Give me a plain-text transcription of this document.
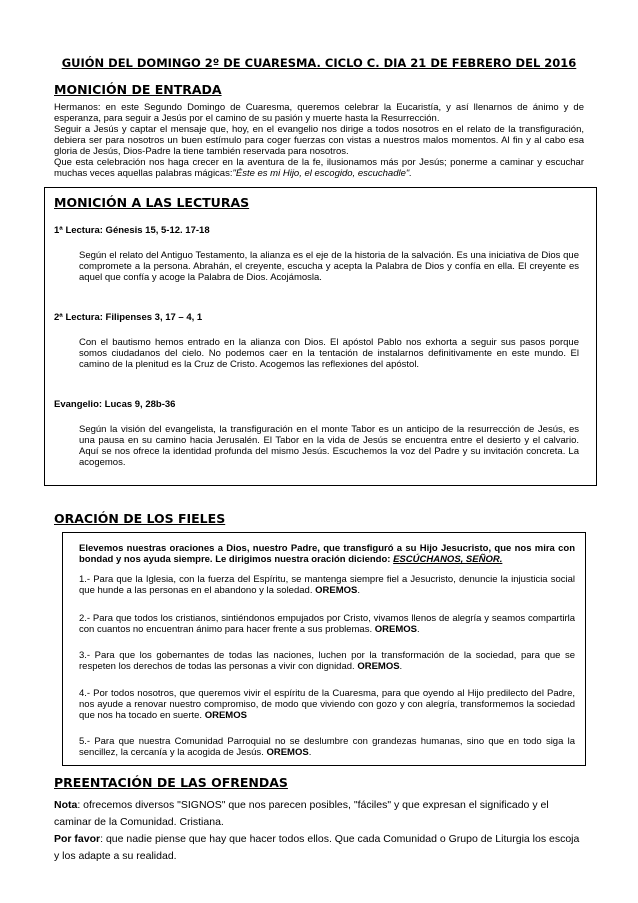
GUIÓN DEL DOMINGO 2º DE CUARESMA. CICLO C. DIA 21 DE FEBRERO DEL 2016
MONICIÓN DE ENTRADA

Hermanos: en este Segundo Domingo de Cuaresma, queremos celebrar la Eucaristía, y así llenarnos de ánimo y de esperanza, para seguir a Jesús por el camino de su pasión y muerte hasta la Resurrección.

Seguir a Jesús y captar el mensaje que, hoy, en el evangelio nos dirige a todos nosotros en el relato de la transfiguración, debiera ser para nosotros un buen estímulo para coger fuerzas con vistas a nuestros malos momentos. Al fin y al cabo esa gloria de Jesús, Dios-Padre la tiene también reservada para nosotros.

Que esta celebración nos haga crecer en la aventura de la fe, ilusionamos más por Jesús; ponerme a caminar y escuchar muchas veces aquellas palabras mágicas:"Éste es mi Hijo, el escogido, escuchadle".

MONICIÓN A LAS LECTURAS
1ª Lectura: Génesis 15, 5-12. 17-18

Según el relato del Antiguo Testamento, la alianza es el eje de la historia de la salvación. Es una iniciativa de Dios que compromete a la persona. Abrahán, el creyente, escucha y acepta la Palabra de Dios y confía en ella. El creyente es aquel que confía y acoge la Palabra de Dios. Acojámosla.

2ª Lectura: Filipenses 3, 17 – 4, 1

Con el bautismo hemos entrado en la alianza con Dios. El apóstol Pablo nos exhorta a seguir sus pasos porque somos ciudadanos del cielo. No podemos caer en la tentación de instalarnos definitivamente en este mundo. El camino de la plenitud es la Cruz de Cristo. Acogemos las reflexiones del apóstol.

Evangelio: Lucas 9, 28b-36

Según la visión del evangelista, la transfiguración en el monte Tabor es un anticipo de la resurrección de Jesús, es una pausa en su camino hacia Jerusalén. El Tabor en la vida de Jesús se encuentra entre el desierto y el calvario. Aquí se nos ofrece la identidad profunda del mismo Jesús. Escuchemos la voz del Padre y su invitación concreta. La acogemos.

ORACIÓN DE LOS FIELES
Elevemos nuestras oraciones a Dios, nuestro Padre, que transfiguró a su Hijo Jesucristo, que nos mira con bondad y nos ayuda siempre. Le dirigimos nuestra oración diciendo: ESCÚCHANOS, SEÑOR.

1.- Para que la Iglesia, con la fuerza del Espíritu, se mantenga siempre fiel a Jesucristo, denuncie la injusticia social que hunde a las personas en el abandono y la soledad. OREMOS.

2.- Para que todos los cristianos, sintiéndonos empujados por Cristo, vivamos llenos de alegría y seamos compartirla con cuantos no encuentran ánimo para hacer frente a sus problemas. OREMOS.

3.- Para que los gobernantes de todas las naciones, luchen por la transformación de la sociedad, para que se respeten los derechos de todas las personas a vivir con dignidad. OREMOS.

4.- Por todos nosotros, que queremos vivir el espíritu de la Cuaresma, para que oyendo al Hijo predilecto del Padre, nos ayude a renovar nuestro compromiso, de modo que viviendo con gozo y con alegría, transformemos la sociedad que nos ha tocado en suerte. OREMOS

5.- Para que nuestra Comunidad Parroquial no se deslumbre con grandezas humanas, sino que en todo siga la sencillez, la cercanía y la acogida de Jesús. OREMOS.

PREENTACIÓN DE LAS OFRENDAS
Nota: ofrecemos diversos "SIGNOS" que nos parecen posibles, "fáciles" y que expresan el significado y el caminar de la Comunidad. Cristiana.
Por favor: que nadie piense que hay que hacer todos ellos. Que cada Comunidad o Grupo de Liturgia los escoja y los adapte a su realidad.
